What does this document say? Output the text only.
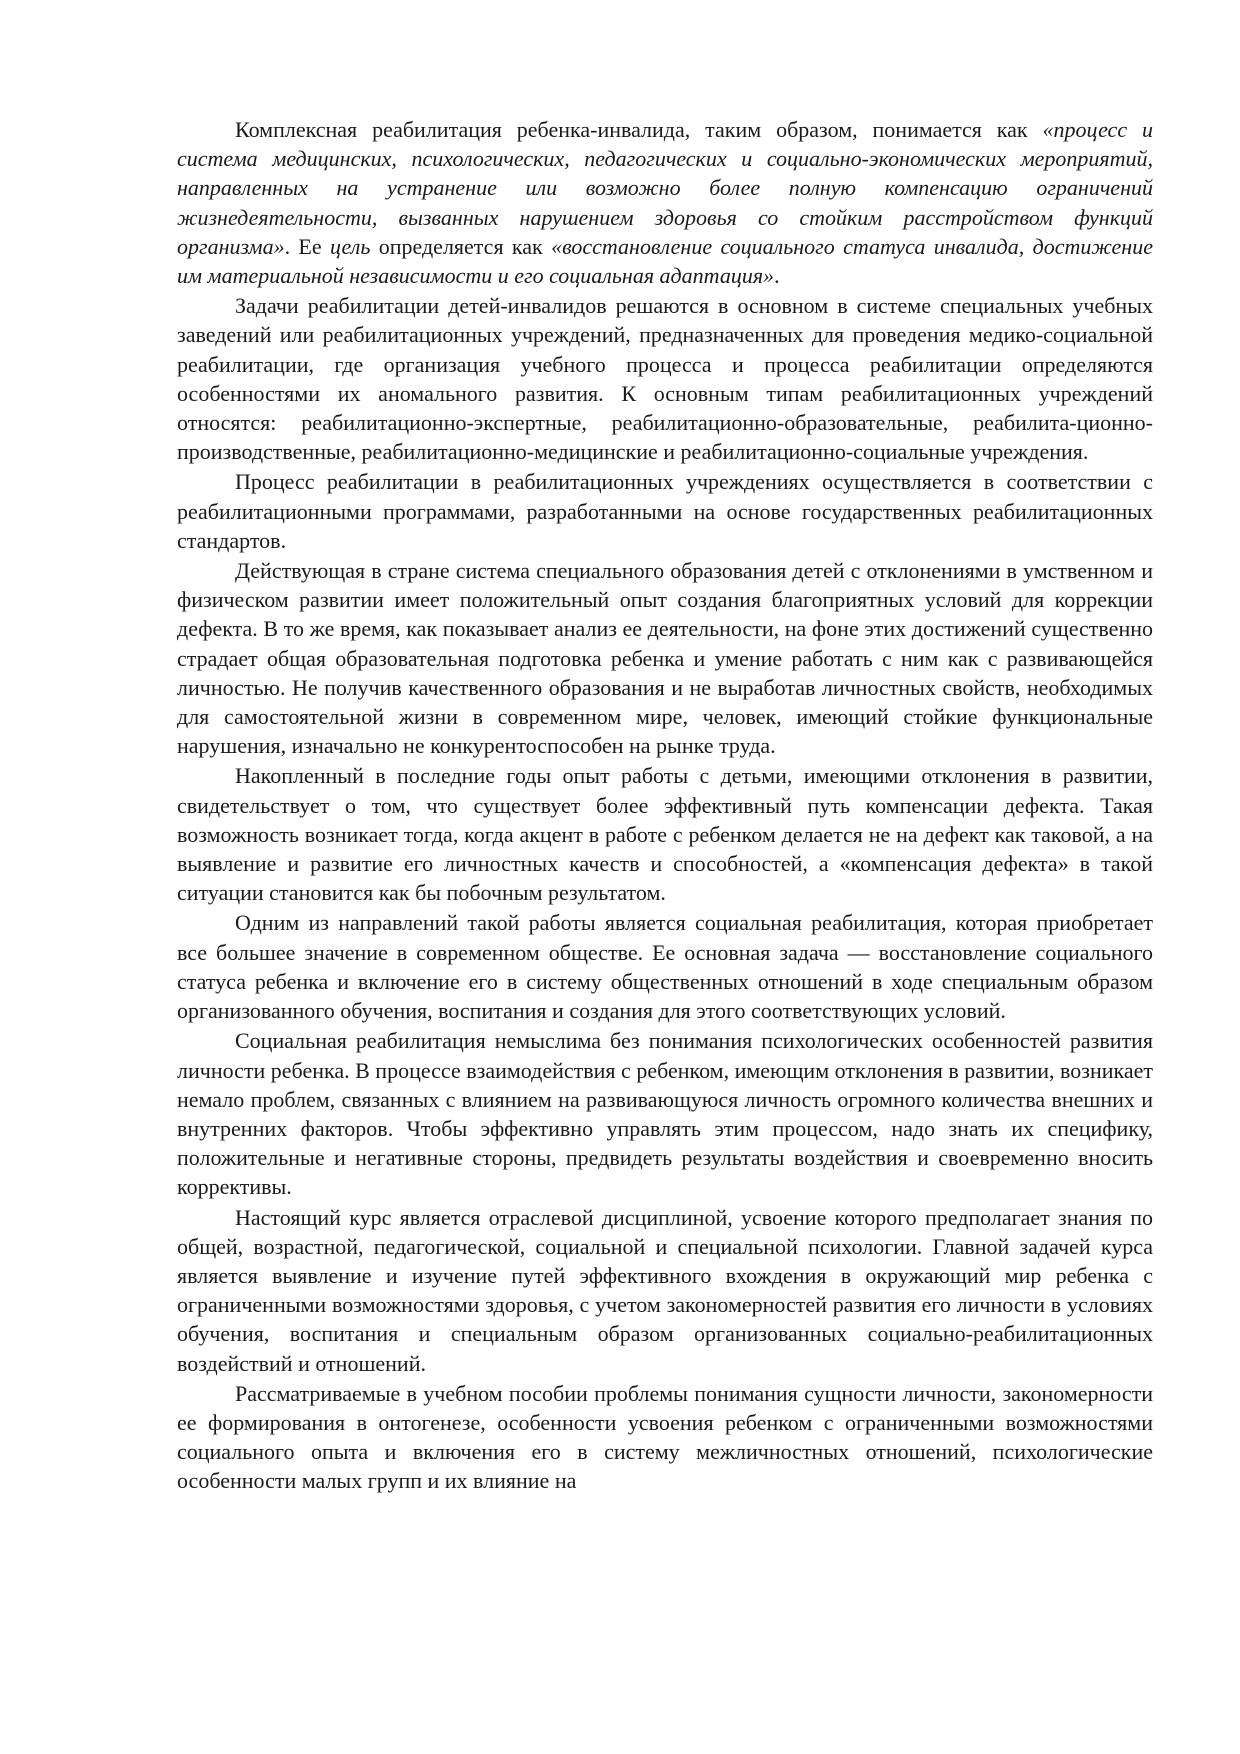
Комплексная реабилитация ребенка-инвалида, таким образом, понимается как «процесс и система медицинских, психологических, педагогических и социально-экономических мероприятий, направленных на устранение или возможно более полную компенсацию ограничений жизнедеятельности, вызванных нарушением здоровья со стойким расстройством функций организма». Ее цель определяется как «восстановление социального статуса инвалида, достижение им материальной независимости и его социальная адаптация».

Задачи реабилитации детей-инвалидов решаются в основном в системе специальных учебных заведений или реабилитационных учреждений, предназначенных для проведения медико-социальной реабилитации, где организация учебного процесса и процесса реабилитации определяются особенностями их аномального развития. К основным типам реабилитационных учреждений относятся: реабилитационно-экспертные, реабилитационно-образовательные, реабилита-ционно-производственные, реабилитационно-медицинские и реабилитационно-социальные учреждения.

Процесс реабилитации в реабилитационных учреждениях осуществляется в соответствии с реабилитационными программами, разработанными на основе государственных реабилитационных стандартов.

Действующая в стране система специального образования детей с отклонениями в умственном и физическом развитии имеет положительный опыт создания благоприятных условий для коррекции дефекта. В то же время, как показывает анализ ее деятельности, на фоне этих достижений существенно страдает общая образовательная подготовка ребенка и умение работать с ним как с развивающейся личностью. Не получив качественного образования и не выработав личностных свойств, необходимых для самостоятельной жизни в современном мире, человек, имеющий стойкие функциональные нарушения, изначально не конкурентоспособен на рынке труда.

Накопленный в последние годы опыт работы с детьми, имеющими отклонения в развитии, свидетельствует о том, что существует более эффективный путь компенсации дефекта. Такая возможность возникает тогда, когда акцент в работе с ребенком делается не на дефект как таковой, а на выявление и развитие его личностных качеств и способностей, а «компенсация дефекта» в такой ситуации становится как бы побочным результатом.

Одним из направлений такой работы является социальная реабилитация, которая приобретает все большее значение в современном обществе. Ее основная задача — восстановление социального статуса ребенка и включение его в систему общественных отношений в ходе специальным образом организованного обучения, воспитания и создания для этого соответствующих условий.

Социальная реабилитация немыслима без понимания психологических особенностей развития личности ребенка. В процессе взаимодействия с ребенком, имеющим отклонения в развитии, возникает немало проблем, связанных с влиянием на развивающуюся личность огромного количества внешних и внутренних факторов. Чтобы эффективно управлять этим процессом, надо знать их специфику, положительные и негативные стороны, предвидеть результаты воздействия и своевременно вносить коррективы.

Настоящий курс является отраслевой дисциплиной, усвоение которого предполагает знания по общей, возрастной, педагогической, социальной и специальной психологии. Главной задачей курса является выявление и изучение путей эффективного вхождения в окружающий мир ребенка с ограниченными возможностями здоровья, с учетом закономерностей развития его личности в условиях обучения, воспитания и специальным образом организованных социально-реабилитационных воздействий и отношений.

Рассматриваемые в учебном пособии проблемы понимания сущности личности, закономерности ее формирования в онтогенезе, особенности усвоения ребенком с ограниченными возможностями социального опыта и включения его в систему межличностных отношений, психологические особенности малых групп и их влияние на
